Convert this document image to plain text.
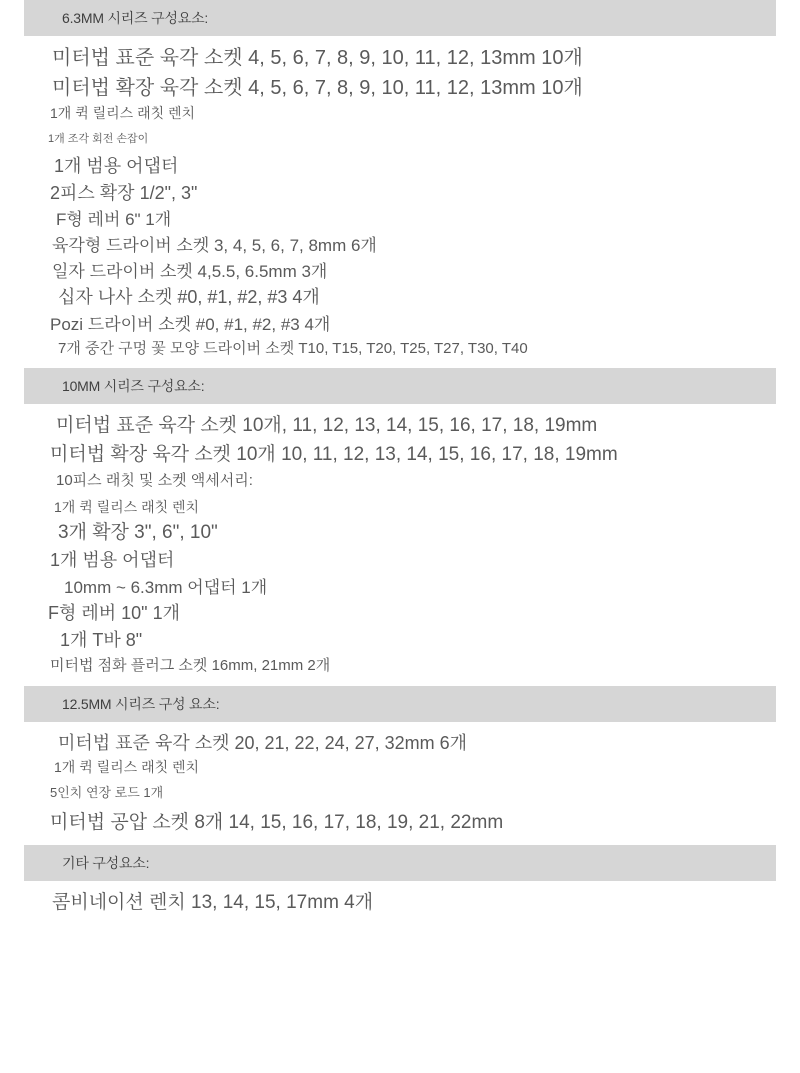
6.3MM 시리즈 구성요소:
미터법 표준 육각 소켓 4, 5, 6, 7, 8, 9, 10, 11, 12, 13mm 10개
미터법 확장 육각 소켓 4, 5, 6, 7, 8, 9, 10, 11, 12, 13mm 10개
1개 퀵 릴리스 래칫 렌치
1개 조각 회전 손잡이
1개 범용 어댑터
2피스 확장 1/2", 3"
F형 레버 6" 1개
육각형 드라이버 소켓 3, 4, 5, 6, 7, 8mm 6개
일자 드라이버 소켓 4,5.5, 6.5mm 3개
십자 나사 소켓 #0, #1, #2, #3 4개
Pozi 드라이버 소켓 #0, #1, #2, #3 4개
7개 중간 구멍 꽃 모양 드라이버 소켓 T10, T15, T20, T25, T27, T30, T40
10MM 시리즈 구성요소:
미터법 표준 육각 소켓 10개, 11, 12, 13, 14, 15, 16, 17, 18, 19mm
미터법 확장 육각 소켓 10개 10, 11, 12, 13, 14, 15, 16, 17, 18, 19mm
10피스 래칫 및 소켓 액세서리:
1개 퀵 릴리스 래칫 렌치
3개 확장 3", 6", 10"
1개 범용 어댑터
10mm ~ 6.3mm 어댑터 1개
F형 레버 10" 1개
1개 T바 8"
미터법 점화 플러그 소켓 16mm, 21mm 2개
12.5MM 시리즈 구성 요소:
미터법 표준 육각 소켓 20, 21, 22, 24, 27, 32mm 6개
1개 퀵 릴리스 래칫 렌치
5인치 연장 로드 1개
미터법 공압 소켓 8개 14, 15, 16, 17, 18, 19, 21, 22mm
기타 구성요소:
콤비네이션 렌치 13, 14, 15, 17mm 4개
